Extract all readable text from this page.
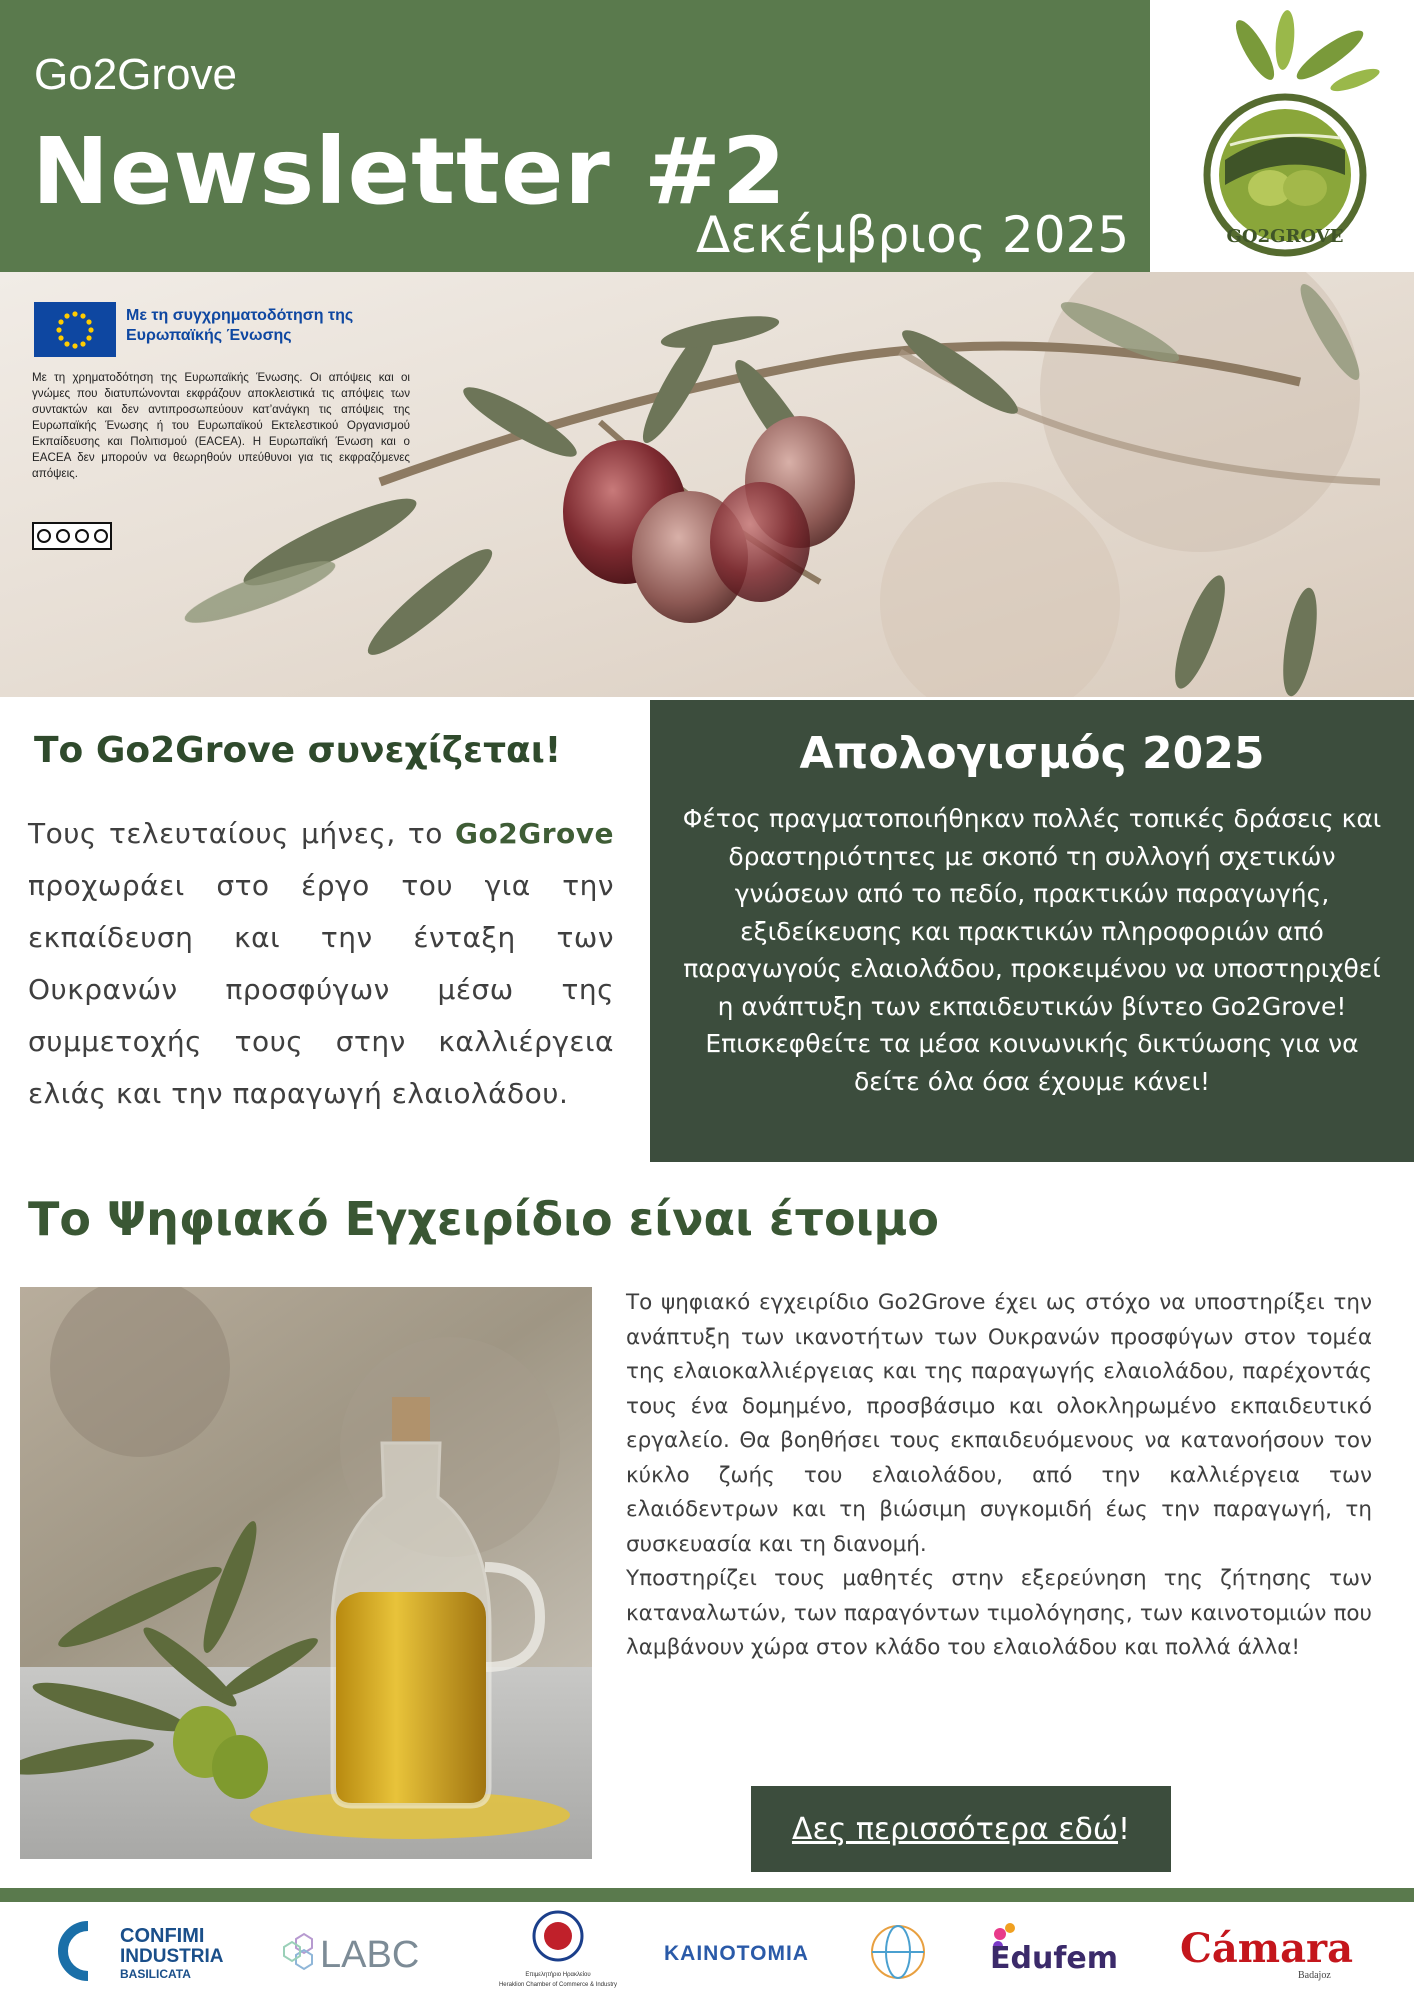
Go2Grove
Newsletter #2
Δεκέμβριος 2025	GO2GROVE
Με τη συγχρηματοδότηση της Ευρωπαϊκής Ένωσης
Με τη χρηματοδότηση της Ευρωπαϊκής Ένωσης. Οι απόψεις και οι γνώμες που διατυπώνονται εκφράζουν αποκλειστικά τις απόψεις των συντακτών και δεν αντιπροσωπεύουν κατ’ανάγκη τις απόψεις της Ευρωπαϊκής Ένωσης ή του Ευρωπαϊκού Εκτελεστικού Οργανισμού Εκπαίδευσης και Πολιτισμού (EACEA). Η Ευρωπαϊκή Ένωση και ο EACEA δεν μπορούν να θεωρηθούν υπεύθυνοι για τις εκφραζόμενες απόψεις.
Το Go2Grove συνεχίζεται!
Τους τελευταίους μήνες, το Go2Grove προχωράει στο έργο του για την εκπαίδευση και την ένταξη των Ουκρανών προσφύγων μέσω της συμμετοχής τους στην καλλιέργεια ελιάς και την παραγωγή ελαιολάδου.
Απολογισμός 2025
Φέτος πραγματοποιήθηκαν πολλές τοπικές δράσεις και δραστηριότητες με σκοπό τη συλλογή σχετικών γνώσεων από το πεδίο, πρακτικών παραγωγής, εξιδείκευσης και πρακτικών πληροφοριών από παραγωγούς ελαιολάδου, προκειμένου να υποστηριχθεί η ανάπτυξη των εκπαιδευτικών βίντεο Go2Grove! Επισκεφθείτε τα μέσα κοινωνικής δικτύωσης για να δείτε όλα όσα έχουμε κάνει!
Το Ψηφιακό Εγχειρίδιο είναι έτοιμο

Το ψηφιακό εγχειρίδιο Go2Grove έχει ως στόχο να υποστηρίξει την ανάπτυξη των ικανοτήτων των Ουκρανών προσφύγων στον τομέα της ελαιοκαλλιέργειας και της παραγωγής ελαιολάδου, παρέχοντάς τους ένα δομημένο, προσβάσιμο και ολοκληρωμένο εκπαιδευτικό εργαλείο. Θα βοηθήσει τους εκπαιδευόμενους να κατανοήσουν τον κύκλο ζωής του ελαιολάδου, από την καλλιέργεια των ελαιόδεντρων και τη βιώσιμη συγκομιδή έως την παραγωγή, τη συσκευασία και τη διανομή.

Υποστηρίζει τους μαθητές στην εξερεύνηση της ζήτησης των καταναλωτών, των παραγόντων τιμολόγησης, των καινοτομιών που λαμβάνουν χώρα στον κλάδο του ελαιολάδου και πολλά άλλα!

Δες περισσότερα εδώ !
CONFIMI
INDUSTRIA
BASILICATA	LABC	Επιμελητήριο Ηρακλείου
Heraklion Chamber of Commerce & Industry
KAINOTOMIA	Edufem Cámara
Badajoz
